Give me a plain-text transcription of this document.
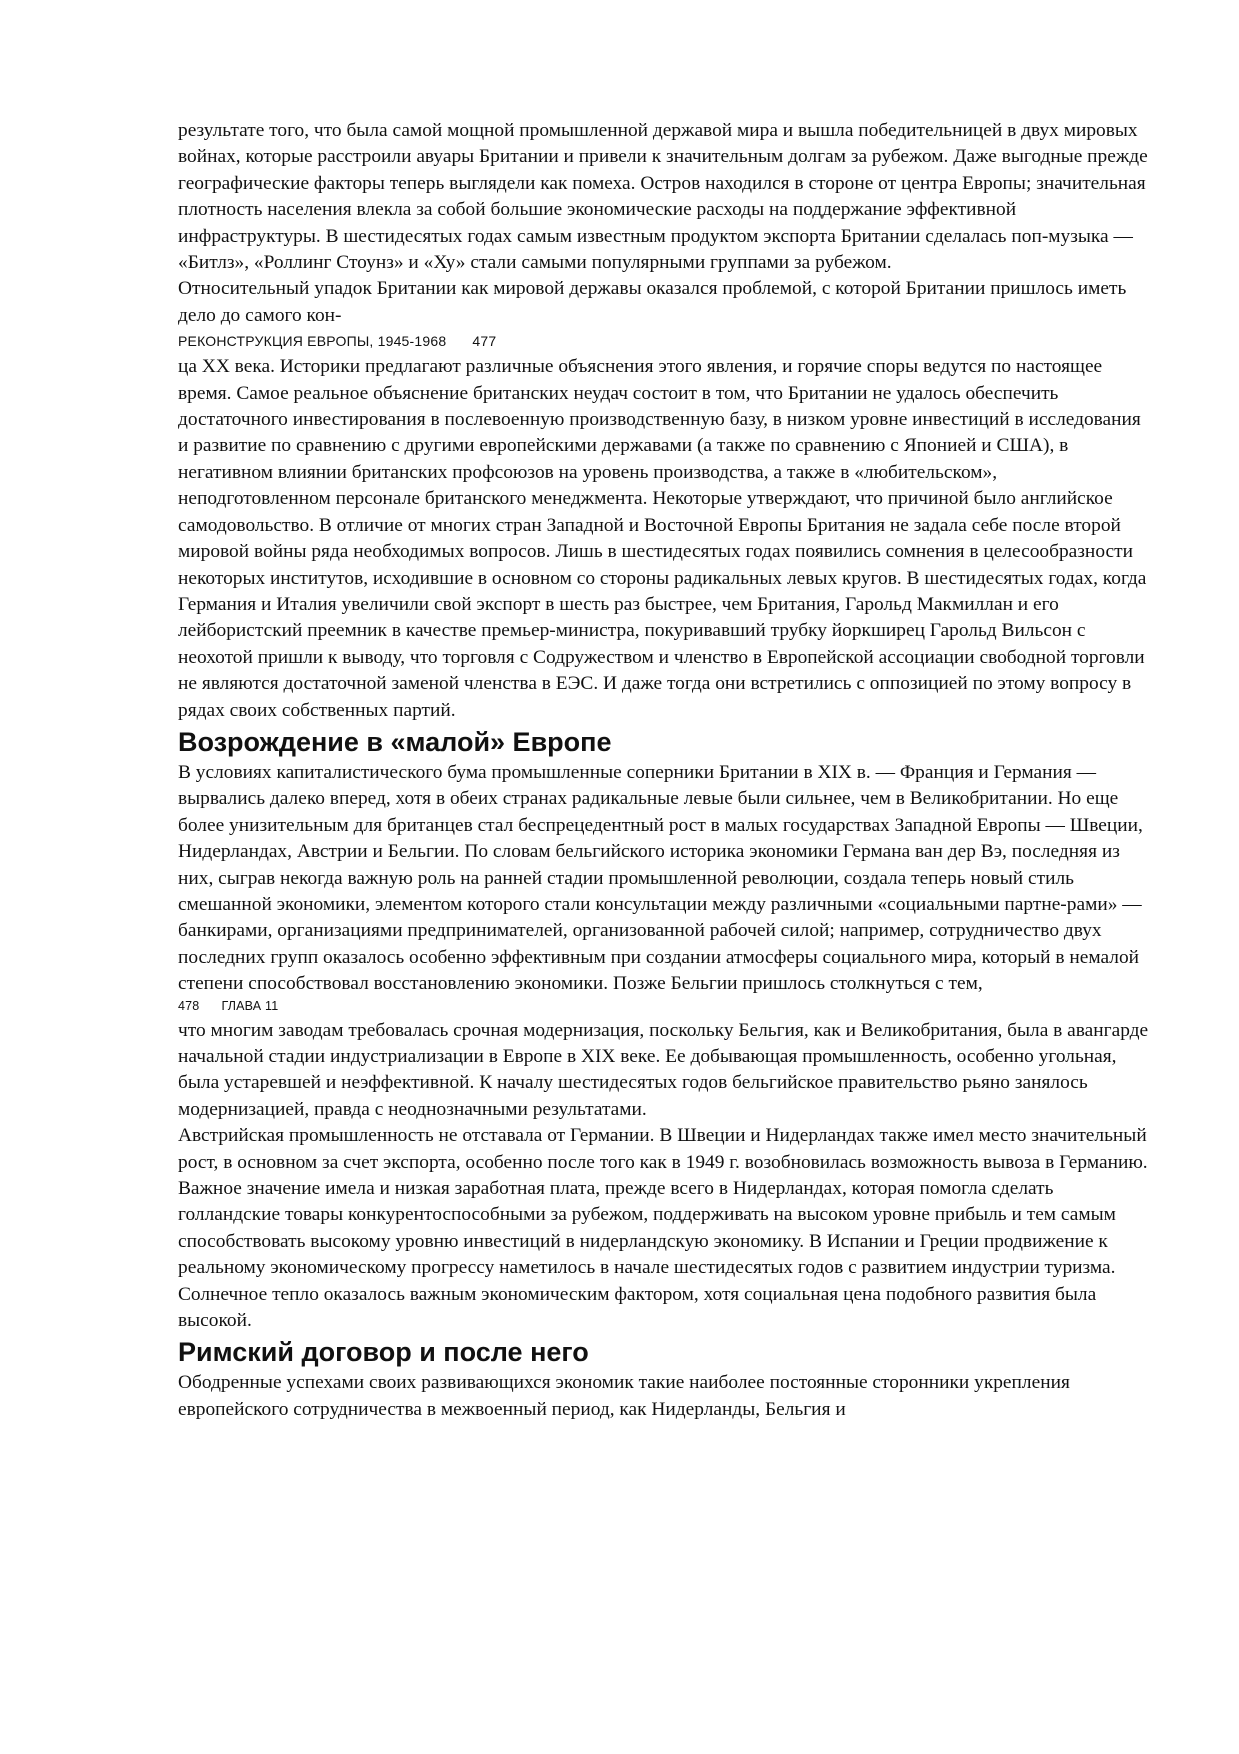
результате того, что была самой мощной промышленной державой мира и вышла победительницей в двух мировых войнах, которые расстроили авуары Британии и привели к значительным долгам за рубежом. Даже выгодные прежде географические факторы теперь выглядели как помеха. Остров находился в стороне от центра Европы; значительная плотность населения влекла за собой большие экономические расходы на поддержание эффективной инфраструктуры. В шестидесятых годах самым известным продуктом экспорта Британии сделалась поп-музыка — «Битлз», «Роллинг Стоунз» и «Ху» стали самыми популярными группами за рубежом.

Относительный упадок Британии как мировой державы оказался проблемой, с которой Британии пришлось иметь дело до самого кон-

РЕКОНСТРУКЦИЯ ЕВРОПЫ, 1945-1968 477

ца XX века. Историки предлагают различные объяснения этого явления, и горячие споры ведутся по настоящее время. Самое реальное объяснение британских неудач состоит в том, что Британии не удалось обеспечить достаточного инвестирования в послевоенную производственную базу, в низком уровне инвестиций в исследования и развитие по сравнению с другими европейскими державами (а также по сравнению с Японией и США), в негативном влиянии британских профсоюзов на уровень производства, а также в «любительском», неподготовленном персонале британского менеджмента. Некоторые утверждают, что причиной было английское самодовольство. В отличие от многих стран Западной и Восточной Европы Британия не задала себе после второй мировой войны ряда необходимых вопросов. Лишь в шестидесятых годах появились сомнения в целесообразности некоторых институтов, исходившие в основном со стороны радикальных левых кругов. В шестидесятых годах, когда Германия и Италия увеличили свой экспорт в шесть раз быстрее, чем Британия, Гарольд Макмиллан и его лейбористский преемник в качестве премьер-министра, покуривавший трубку йоркширец Гарольд Вильсон с неохотой пришли к выводу, что торговля с Содружеством и членство в Европейской ассоциации свободной торговли не являются достаточной заменой членства в ЕЭС. И даже тогда они встретились с оппозицией по этому вопросу в рядах своих собственных партий.

Возрождение в «малой» Европе

В условиях капиталистического бума промышленные соперники Британии в XIX в. — Франция и Германия — вырвались далеко вперед, хотя в обеих странах радикальные левые были сильнее, чем в Великобритании. Но еще более унизительным для британцев стал беспрецедентный рост в малых государствах Западной Европы — Швеции, Нидерландах, Австрии и Бельгии. По словам бельгийского историка экономики Германа ван дер Вэ, последняя из них, сыграв некогда важную роль на ранней стадии промышленной революции, создала теперь новый стиль смешанной экономики, элементом которого стали консультации между различными «социальными партне-рами» — банкирами, организациями предпринимателей, организованной рабочей силой; например, сотрудничество двух последних групп оказалось особенно эффективным при создании атмосферы социального мира, который в немалой степени способствовал восстановлению экономики. Позже Бельгии пришлось столкнуться с тем,

478 ГЛАВА 11

что многим заводам требовалась срочная модернизация, поскольку Бельгия, как и Великобритания, была в авангарде начальной стадии индустриализации в Европе в XIX веке. Ее добывающая промышленность, особенно угольная, была устаревшей и неэффективной. К началу шестидесятых годов бельгийское правительство рьяно занялось модернизацией, правда с неоднозначными результатами.

Австрийская промышленность не отставала от Германии. В Швеции и Нидерландах также имел место значительный рост, в основном за счет экспорта, особенно после того как в 1949 г. возобновилась возможность вывоза в Германию. Важное значение имела и низкая заработная плата, прежде всего в Нидерландах, которая помогла сделать голландские товары конкурентоспособными за рубежом, поддерживать на высоком уровне прибыль и тем самым способствовать высокому уровню инвестиций в нидерландскую экономику. В Испании и Греции продвижение к реальному экономическому прогрессу наметилось в начале шестидесятых годов с развитием индустрии туризма. Солнечное тепло оказалось важным экономическим фактором, хотя социальная цена подобного развития была высокой.

Римский договор и после него

Ободренные успехами своих развивающихся экономик такие наиболее постоянные сторонники укрепления европейского сотрудничества в межвоенный период, как Нидерланды, Бельгия и
